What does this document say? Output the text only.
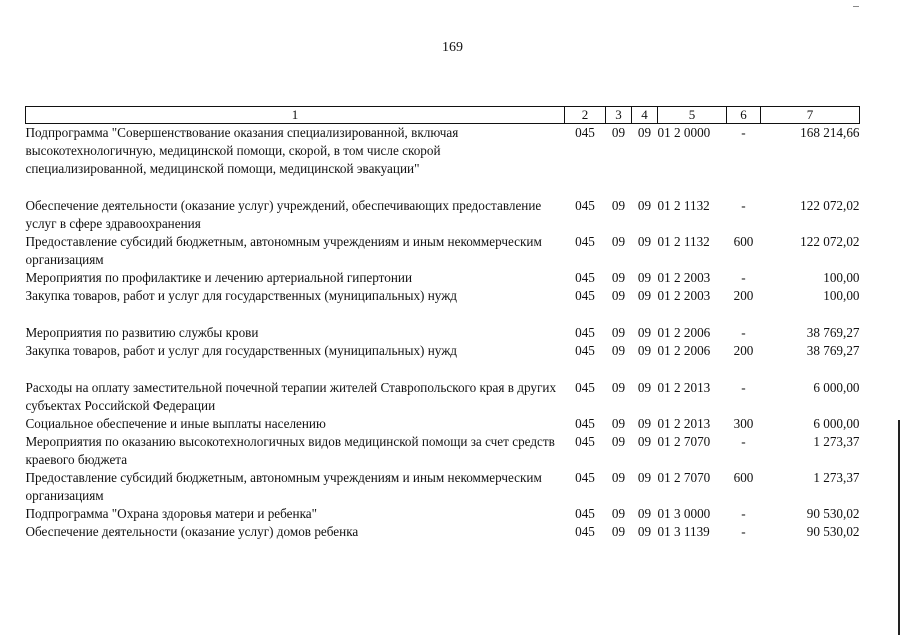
169
1	2	3	4	5	6	7
Подпрограмма "Совершенствование оказания специализированной, включая высокотехнологичную, медицинской помощи, скорой, в том числе скорой специализированной, медицинской помощи, медицинской эвакуации"	045	09	09	01 2 0000	-	168 214,66
Обеспечение деятельности (оказание услуг) учреждений, обеспечивающих предоставление услуг в сфере здравоохранения	045	09	09	01 2 1132	-	122 072,02
Предоставление субсидий бюджетным, автономным учреждениям и иным некоммерческим организациям	045	09	09	01 2 1132	600	122 072,02
Мероприятия по профилактике и лечению артериальной гипертонии	045	09	09	01 2 2003	-	100,00
Закупка товаров, работ и услуг для государственных (муниципальных) нужд	045	09	09	01 2 2003	200	100,00
Мероприятия по развитию службы крови	045	09	09	01 2 2006	-	38 769,27
Закупка товаров, работ и услуг для государственных (муниципальных) нужд	045	09	09	01 2 2006	200	38 769,27
Расходы на оплату заместительной почечной терапии жителей Ставропольского края в других субъектах Российской Федерации	045	09	09	01 2 2013	-	6 000,00
Социальное обеспечение и иные выплаты населению	045	09	09	01 2 2013	300	6 000,00
Мероприятия по оказанию высокотехнологичных видов медицинской помощи за счет средств краевого бюджета	045	09	09	01 2 7070	-	1 273,37
Предоставление субсидий бюджетным, автономным учреждениям и иным некоммерческим организациям	045	09	09	01 2 7070	600	1 273,37
Подпрограмма "Охрана здоровья матери и ребенка"	045	09	09	01 3 0000	-	90 530,02
Обеспечение деятельности (оказание услуг) домов ребенка	045	09	09	01 3 1139	-	90 530,02
